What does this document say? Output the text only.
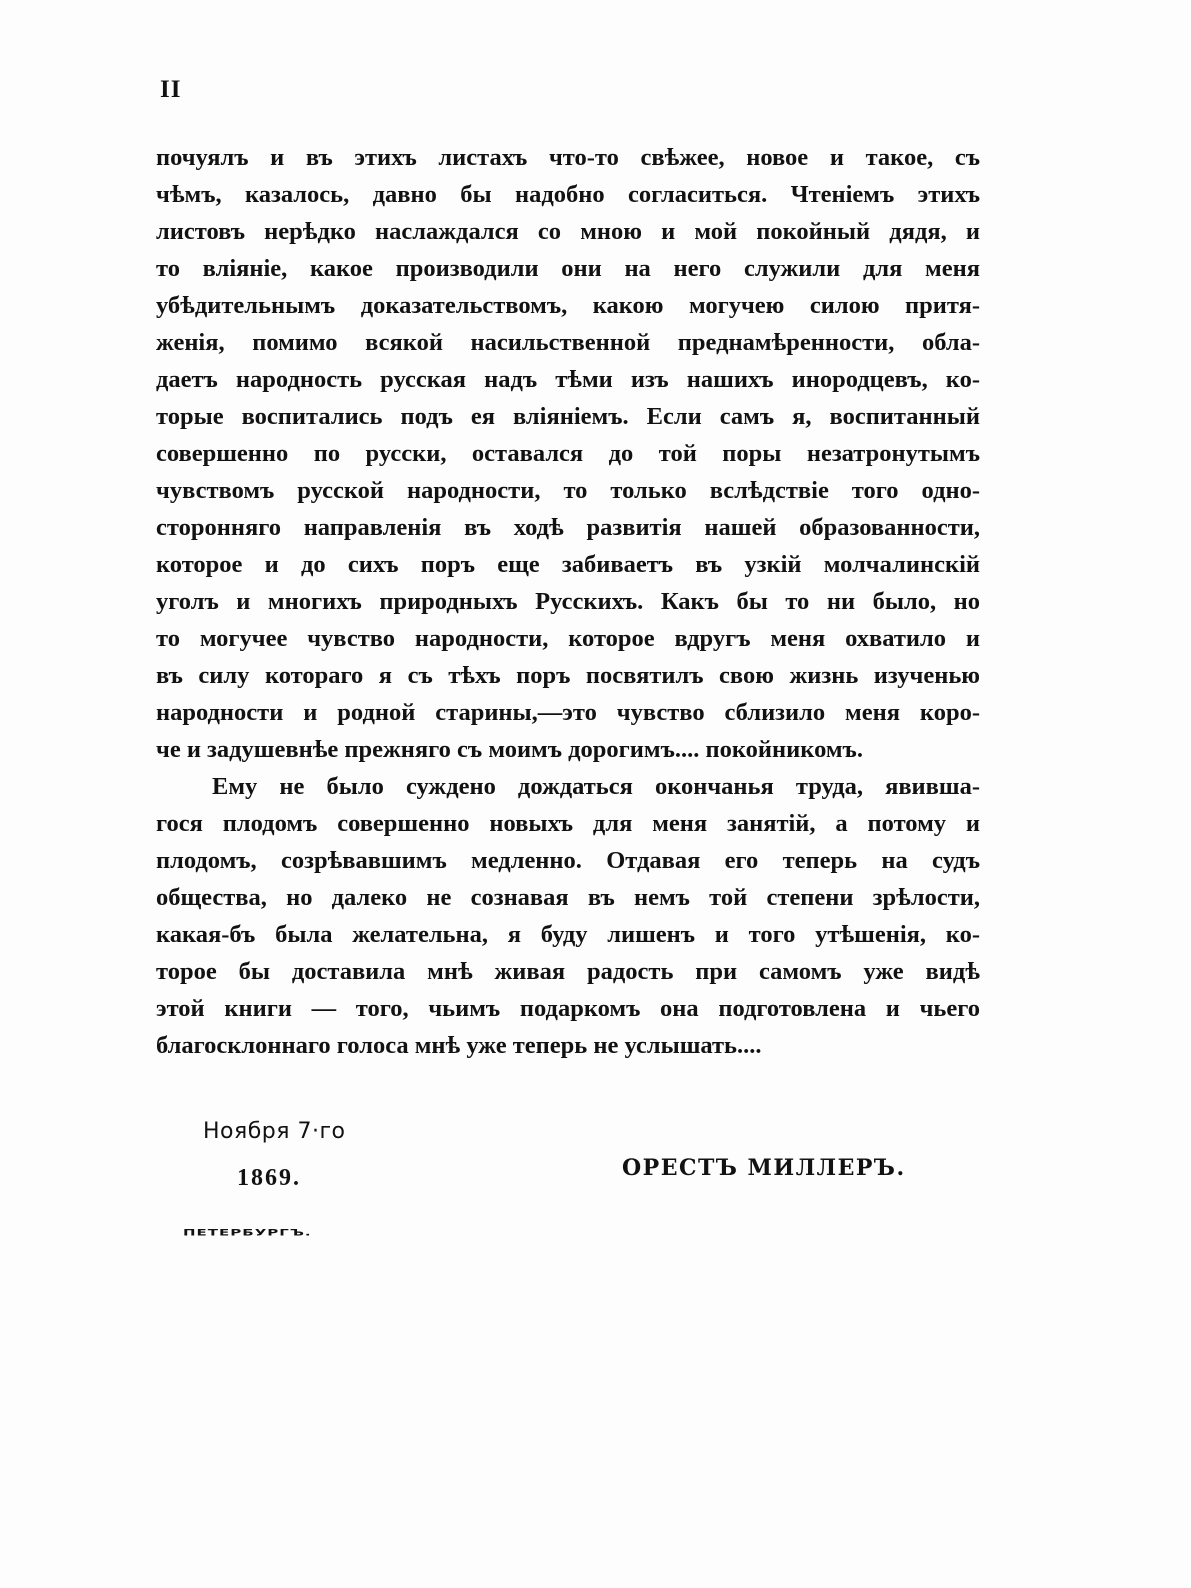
II
почуялъ и въ этихъ листахъ что-то свѣжее, новое и такое, съ
чѣмъ, казалось, давно бы надобно согласиться. Чтеніемъ этихъ
листовъ нерѣдко наслаждался со мною и мой покойный дядя, и
то вліяніе, какое производили они на него служили для меня
убѣдительнымъ доказательствомъ, какою могучею силою притя-
женія, помимо всякой насильственной преднамѣренности, обла-
даетъ народность русская надъ тѣми изъ нашихъ инородцевъ, ко-
торые воспитались подъ ея вліяніемъ. Если самъ я, воспитанный
совершенно по русски, оставался до той поры незатронутымъ
чувствомъ русской народности, то только вслѣдствіе того одно-
сторонняго направленія въ ходѣ развитія нашей образованности,
которое и до сихъ поръ еще забиваетъ въ узкій молчалинскій
уголъ и многихъ природныхъ Русскихъ. Какъ бы то ни было, но
то могучее чувство народности, которое вдругъ меня охватило и
въ силу котораго я съ тѣхъ поръ посвятилъ свою жизнь изученью
народности и родной старины,—это чувство сблизило меня коро-
че и задушевнѣе прежняго съ моимъ дорогимъ.... покойникомъ.
Ему не было суждено дождаться окончанья труда, явивша-
гося плодомъ совершенно новыхъ для меня занятій, а потому и
плодомъ, созрѣвавшимъ медленно. Отдавая его теперь на судъ
общества, но далеко не сознавая въ немъ той степени зрѣлости,
какая-бъ была желательна, я буду лишенъ и того утѣшенія, ко-
торое бы доставила мнѣ живая радость при самомъ уже видѣ
этой книги — того, чьимъ подаркомъ она подготовлена и чьего
благосклоннаго голоса мнѣ уже теперь не услышать....
Ноября 7·го
1869.	ОРЕСТЪ МИЛЛЕРЪ.
ПЕТЕРБУРГЪ.
